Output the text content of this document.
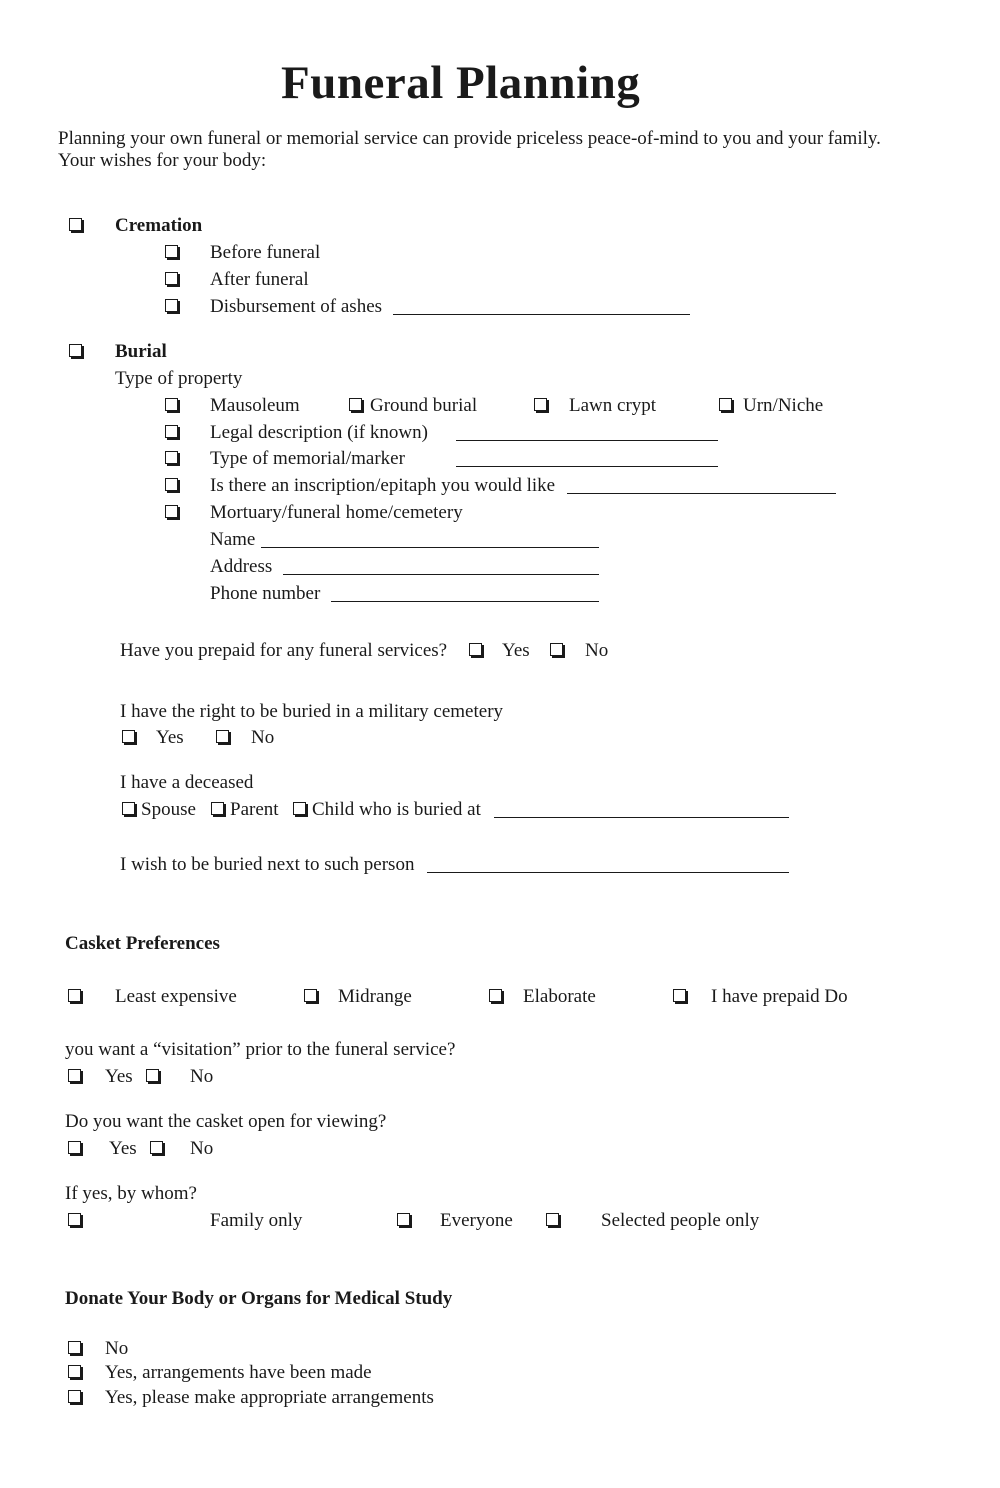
Funeral Planning
Planning your own funeral or memorial service can provide priceless peace-of-mind to you and your family.
Your wishes for your body:
Cremation
Before funeral
After funeral
Disbursement of ashes
Burial
Type of property
Mausoleum	Ground burial	Lawn crypt	Urn/Niche
Legal description (if known)
Type of memorial/marker
Is there an inscription/epitaph you would like
Mortuary/funeral home/cemetery
Name
Address
Phone number
Have you prepaid for any funeral services?	Yes	No
I have the right to be buried in a military cemetery
Yes	No
I have a deceased
Spouse Parent Child who is buried at
I wish to be buried next to such person
Casket Preferences
Least expensive	Midrange	Elaborate	I have prepaid Do
you want a “visitation” prior to the funeral service?
Yes	No
Do you want the casket open for viewing?
Yes	No
If yes, by whom?
Family only	Everyone	Selected people only
Donate Your Body or Organs for Medical Study
No
Yes, arrangements have been made
Yes, please make appropriate arrangements
